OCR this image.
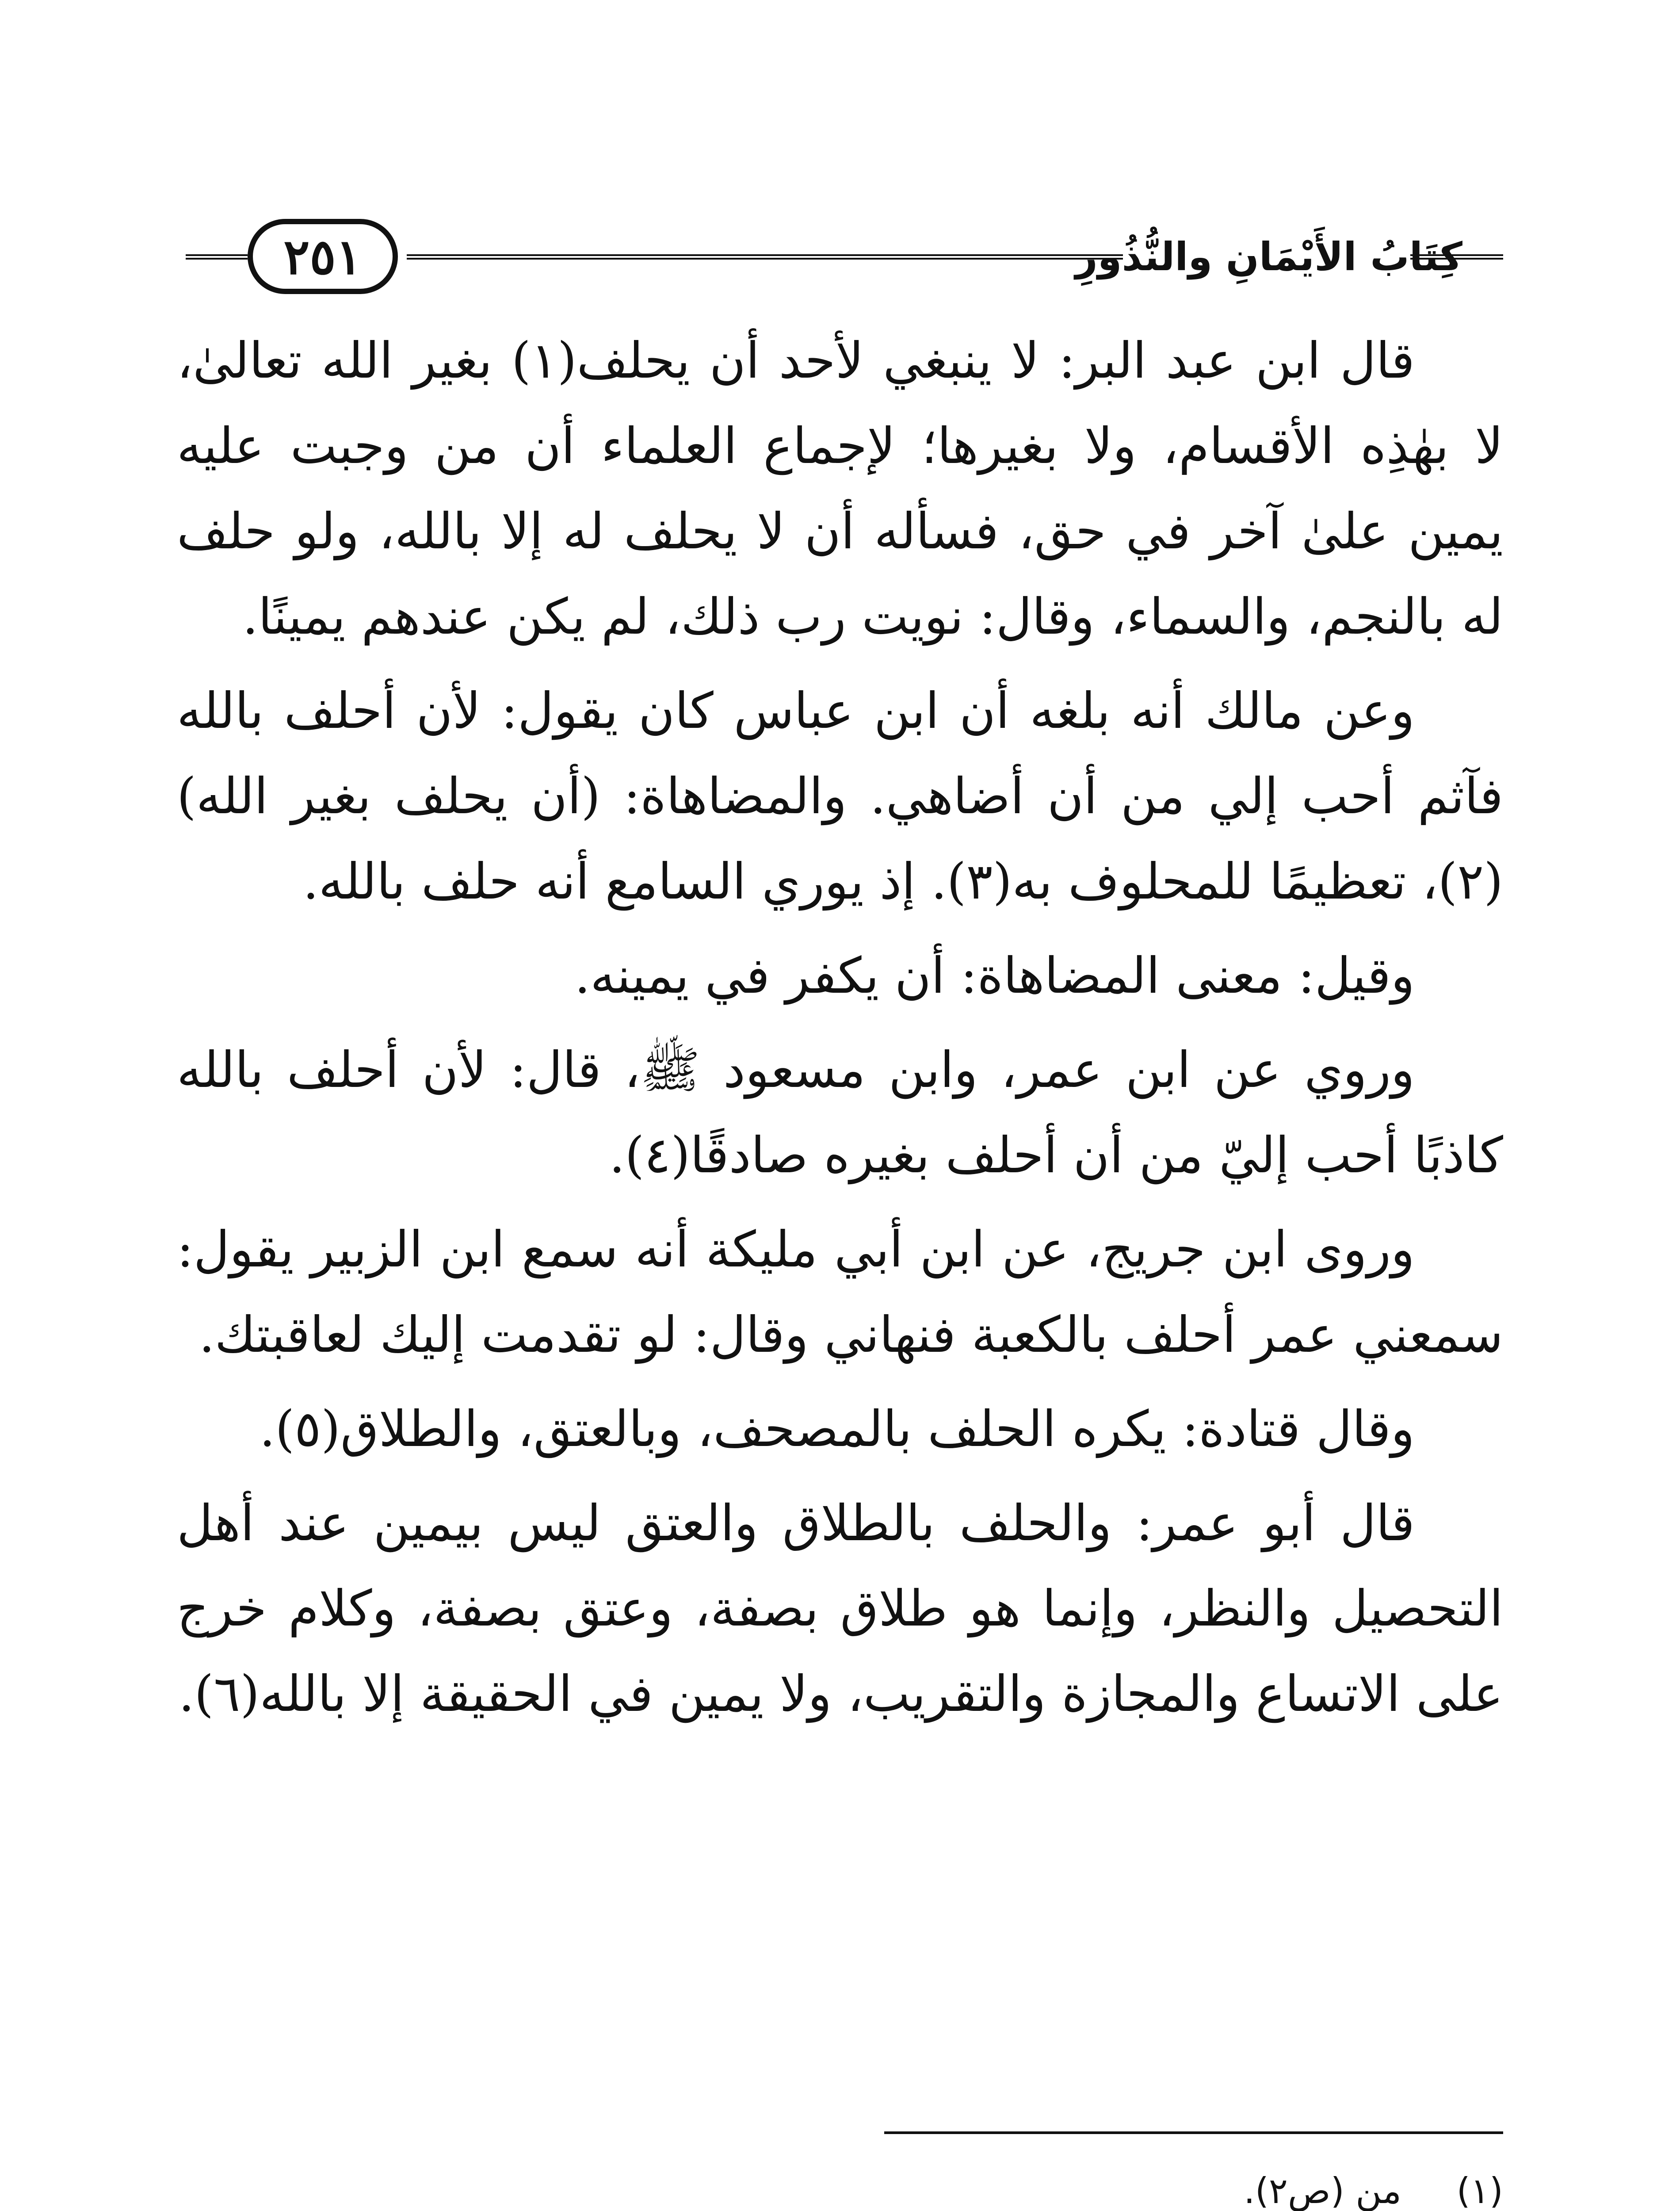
٢٥١	كِتَابُ الأَيْمَانِ والنُّذُورِ

قال ابن عبد البر: لا ينبغي لأحد أن يحلف(١) بغير الله تعالىٰ، لا بهٰذِه الأقسام، ولا بغيرها؛ لإجماع العلماء أن من وجبت عليه يمين علىٰ آخر في حق، فسأله أن لا يحلف له إلا بالله، ولو حلف له بالنجم، والسماء، وقال: نويت رب ذلك، لم يكن عندهم يمينًا.

وعن مالك أنه بلغه أن ابن عباس كان يقول: لأن أحلف بالله فآثم أحب إلي من أن أضاهي. والمضاهاة: (أن يحلف بغير الله)(٢)، تعظيمًا للمحلوف به(٣). إذ يوري السامع أنه حلف بالله.

وقيل: معنى المضاهاة: أن يكفر في يمينه.

وروي عن ابن عمر، وابن مسعود ﷺ، قال: لأن أحلف بالله كاذبًا أحب إليّ من أن أحلف بغيره صادقًا(٤).

وروى ابن جريج، عن ابن أبي مليكة أنه سمع ابن الزبير يقول: سمعني عمر أحلف بالكعبة فنهاني وقال: لو تقدمت إليك لعاقبتك.

وقال قتادة: يكره الحلف بالمصحف، وبالعتق، والطلاق(٥).

قال أبو عمر: والحلف بالطلاق والعتق ليس بيمين عند أهل التحصيل والنظر، وإنما هو طلاق بصفة، وعتق بصفة، وكلام خرج على الاتساع والمجازة والتقريب، ولا يمين في الحقيقة إلا بالله(٦).

(١)
من (ص٢).
